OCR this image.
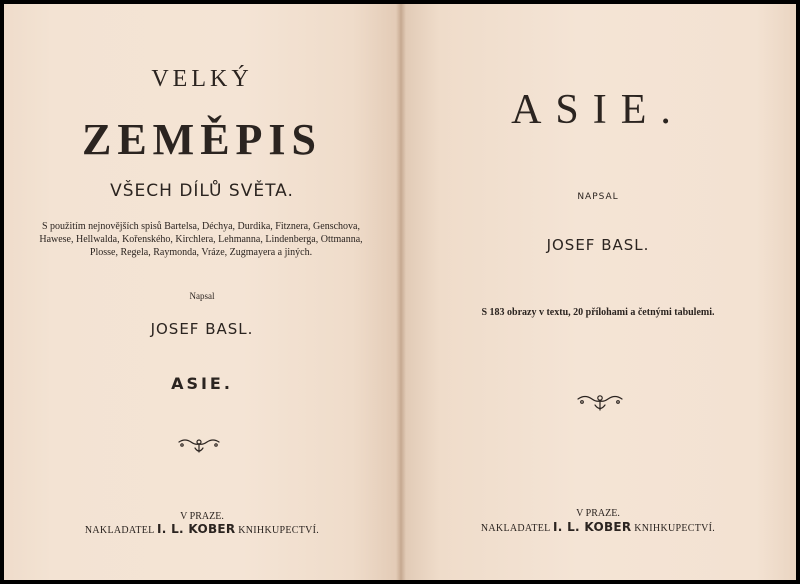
VELKÝ
ZEMĚPIS
VŠECH DÍLŮ SVĚTA.
S použitím nejnovějších spisů Bartelsa, Déchya, Durdika, Fitznera, Genschova, Hawese, Hellwalda, Kořenského, Kirchlera, Lehmanna, Lindenberga, Ottmanna, Plosse, Regela, Raymonda, Vráze, Zugmayera a jiných.
Napsal
JOSEF BASL.
ASIE.
V PRAZE.
NAKLADATEL I. L. KOBER KNIHKUPECTVÍ.
ASIE.
NAPSAL
JOSEF BASL.
S 183 obrazy v textu, 20 přílohami a četnými tabulemi.
V PRAZE.
NAKLADATEL I. L. KOBER KNIHKUPECTVÍ.
